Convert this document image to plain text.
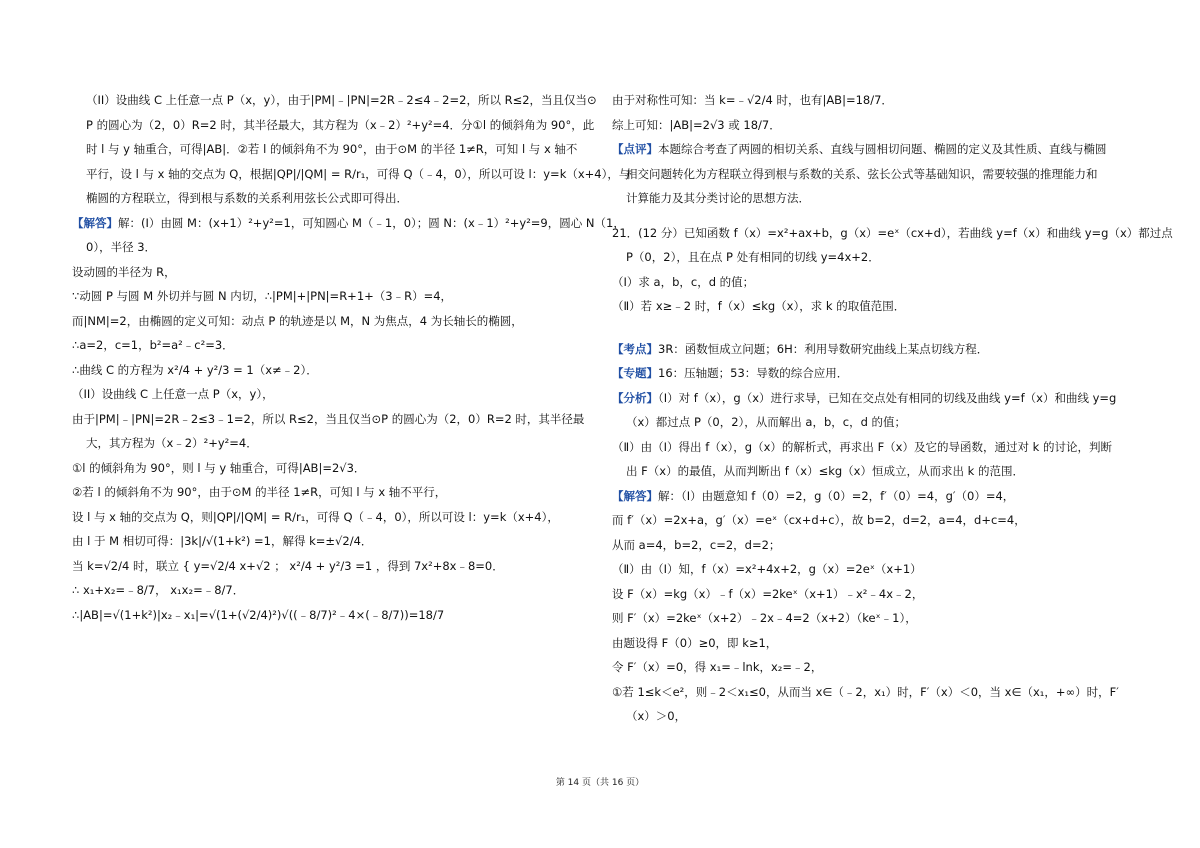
（II）设曲线 C 上任意一点 P（x，y），由于|PM|﹣|PN|=2R﹣2≤4﹣2=2，所以 R≤2，当且仅当⊙
P 的圆心为（2，0）R=2 时，其半径最大，其方程为（x﹣2）²+y²=4．分①l 的倾斜角为 90°，此
时 l 与 y 轴重合，可得|AB|．②若 l 的倾斜角不为 90°，由于⊙M 的半径 1≠R，可知 l 与 x 轴不
平行，设 l 与 x 轴的交点为 Q，根据|QP|/|QM| = R/r₁，可得 Q（﹣4，0），所以可设 l：y=k（x+4），与
椭圆的方程联立，得到根与系数的关系利用弦长公式即可得出．
【解答】解：(I）由圆 M：(x+1）²+y²=1，可知圆心 M（﹣1，0）；圆 N：(x﹣1）²+y²=9，圆心 N（1，
0），半径 3．
设动圆的半径为 R，
∵动圆 P 与圆 M 外切并与圆 N 内切，∴|PM|+|PN|=R+1+（3﹣R）=4，
而|NM|=2，由椭圆的定义可知：动点 P 的轨迹是以 M，N 为焦点，4 为长轴长的椭圆，
∴a=2，c=1，b²=a²﹣c²=3．
∴曲线 C 的方程为 x²/4 + y²/3 = 1（x≠﹣2）．
（II）设曲线 C 上任意一点 P（x，y），
由于|PM|﹣|PN|=2R﹣2≤3﹣1=2，所以 R≤2，当且仅当⊙P 的圆心为（2，0）R=2 时，其半径最
大，其方程为（x﹣2）²+y²=4．
①l 的倾斜角为 90°，则 l 与 y 轴重合，可得|AB|=2√3．
②若 l 的倾斜角不为 90°，由于⊙M 的半径 1≠R，可知 l 与 x 轴不平行，
设 l 与 x 轴的交点为 Q，则|QP|/|QM| = R/r₁，可得 Q（﹣4，0），所以可设 l：y=k（x+4），
由 l 于 M 相切可得：|3k|/√(1+k²) =1，解得 k=±√2/4．
当 k=√2/4 时，联立 { y=√2/4 x+√2 ； x²/4 + y²/3 =1 ，得到 7x²+8x﹣8=0．
∴ x₁+x₂=﹣8/7， x₁x₂=﹣8/7．
∴|AB|=√(1+k²)|x₂﹣x₁|=√(1+(√2/4)²)√((﹣8/7)²﹣4×(﹣8/7))=18/7
由于对称性可知：当 k=﹣√2/4 时，也有|AB|=18/7．
综上可知：|AB|=2√3 或 18/7．
【点评】本题综合考查了两圆的相切关系、直线与圆相切问题、椭圆的定义及其性质、直线与椭圆
相交问题转化为方程联立得到根与系数的关系、弦长公式等基础知识，需要较强的推理能力和
计算能力及其分类讨论的思想方法．
21．(12 分）已知函数 f（x）=x²+ax+b，g（x）=eˣ（cx+d），若曲线 y=f（x）和曲线 y=g（x）都过点
P（0，2），且在点 P 处有相同的切线 y=4x+2．
（Ⅰ）求 a，b，c，d 的值；
（Ⅱ）若 x≥﹣2 时，f（x）≤kg（x），求 k 的取值范围．
【考点】3R：函数恒成立问题；6H：利用导数研究曲线上某点切线方程．
【专题】16：压轴题；53：导数的综合应用．
【分析】（Ⅰ）对 f（x），g（x）进行求导，已知在交点处有相同的切线及曲线 y=f（x）和曲线 y=g
（x）都过点 P（0，2），从而解出 a，b，c，d 的值；
（Ⅱ）由（I）得出 f（x），g（x）的解析式，再求出 F（x）及它的导函数，通过对 k 的讨论，判断
出 F（x）的最值，从而判断出 f（x）≤kg（x）恒成立，从而求出 k 的范围．
【解答】解：（Ⅰ）由题意知 f（0）=2，g（0）=2，f′（0）=4，g′（0）=4，
而 f′（x）=2x+a，g′（x）=eˣ（cx+d+c），故 b=2，d=2，a=4，d+c=4，
从而 a=4，b=2，c=2，d=2；
（Ⅱ）由（I）知，f（x）=x²+4x+2，g（x）=2eˣ（x+1）
设 F（x）=kg（x）﹣f（x）=2keˣ（x+1）﹣x²﹣4x﹣2，
则 F′（x）=2keˣ（x+2）﹣2x﹣4=2（x+2）（keˣ﹣1），
由题设得 F（0）≥0，即 k≥1，
令 F′（x）=0，得 x₁=﹣lnk，x₂=﹣2，
①若 1≤k＜e²，则﹣2＜x₁≤0，从而当 x∈（﹣2，x₁）时，F′（x）＜0，当 x∈（x₁，+∞）时，F′
（x）＞0，
第 14 页（共 16 页）
